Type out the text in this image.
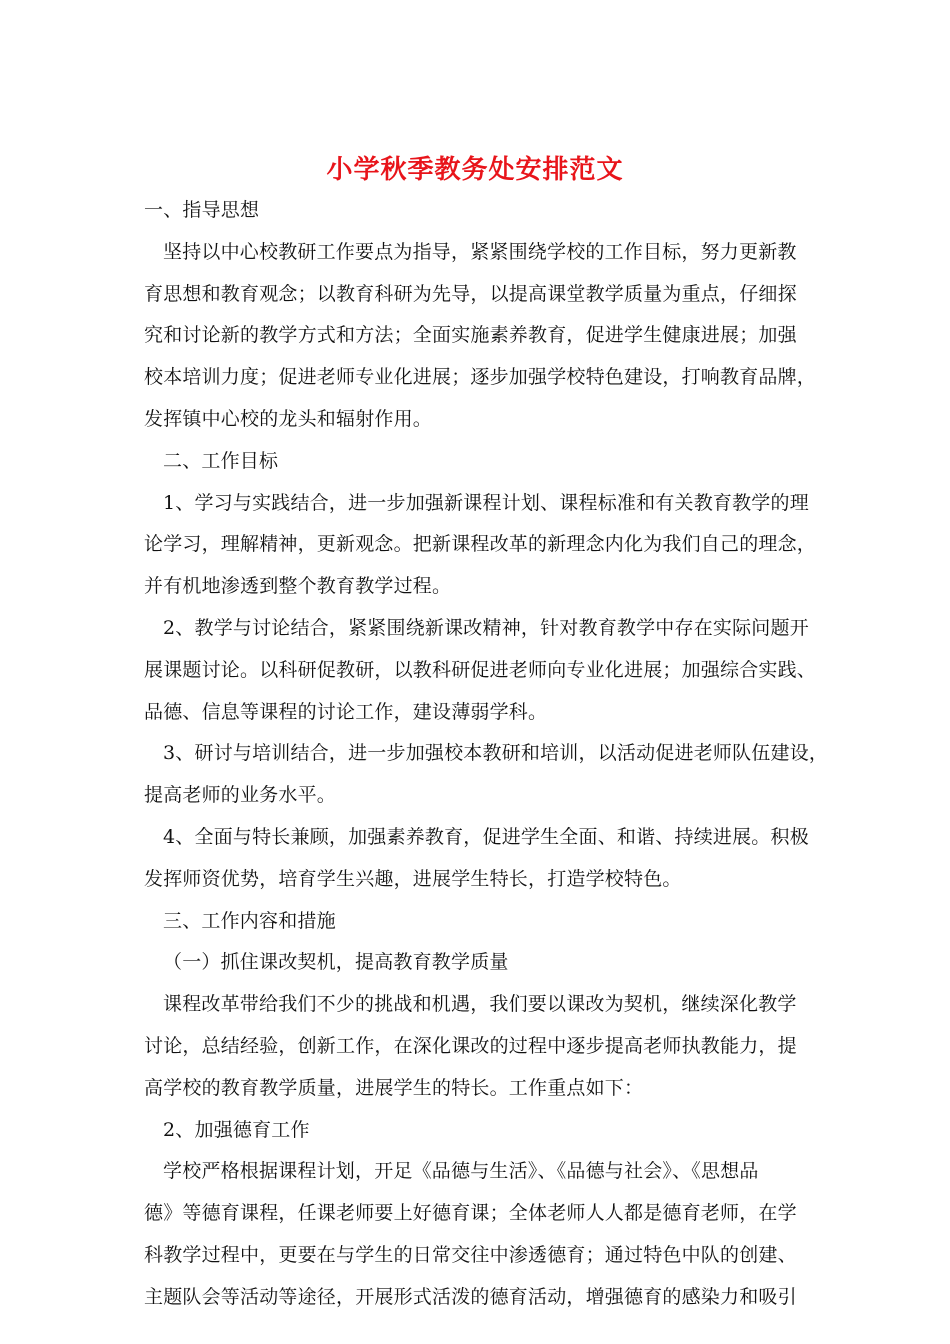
小学秋季教务处安排范文
一、指导思想
坚持以中心校教研工作要点为指导，紧紧围绕学校的工作目标，努力更新教
育思想和教育观念；以教育科研为先导，以提高课堂教学质量为重点，仔细探
究和讨论新的教学方式和方法；全面实施素养教育，促进学生健康进展；加强
校本培训力度；促进老师专业化进展；逐步加强学校特色建设，打响教育品牌，
发挥镇中心校的龙头和辐射作用。
二、工作目标
1、学习与实践结合，进一步加强新课程计划、课程标准和有关教育教学的理
论学习，理解精神，更新观念。把新课程改革的新理念内化为我们自己的理念，
并有机地渗透到整个教育教学过程。
2、教学与讨论结合，紧紧围绕新课改精神，针对教育教学中存在实际问题开
展课题讨论。以科研促教研，以教科研促进老师向专业化进展；加强综合实践、
品德、信息等课程的讨论工作，建设薄弱学科。
3、研讨与培训结合，进一步加强校本教研和培训，以活动促进老师队伍建设，
提高老师的业务水平。
4、全面与特长兼顾，加强素养教育，促进学生全面、和谐、持续进展。积极
发挥师资优势，培育学生兴趣，进展学生特长，打造学校特色。
三、工作内容和措施
（一）抓住课改契机，提高教育教学质量
课程改革带给我们不少的挑战和机遇，我们要以课改为契机，继续深化教学
讨论，总结经验，创新工作，在深化课改的过程中逐步提高老师执教能力，提
高学校的教育教学质量，进展学生的特长。工作重点如下：
2、加强德育工作
学校严格根据课程计划，开足《品德与生活》、《品德与社会》、《思想品
德》等德育课程，任课老师要上好德育课；全体老师人人都是德育老师，在学
科教学过程中，更要在与学生的日常交往中渗透德育；通过特色中队的创建、
主题队会等活动等途径，开展形式活泼的德育活动，增强德育的感染力和吸引
